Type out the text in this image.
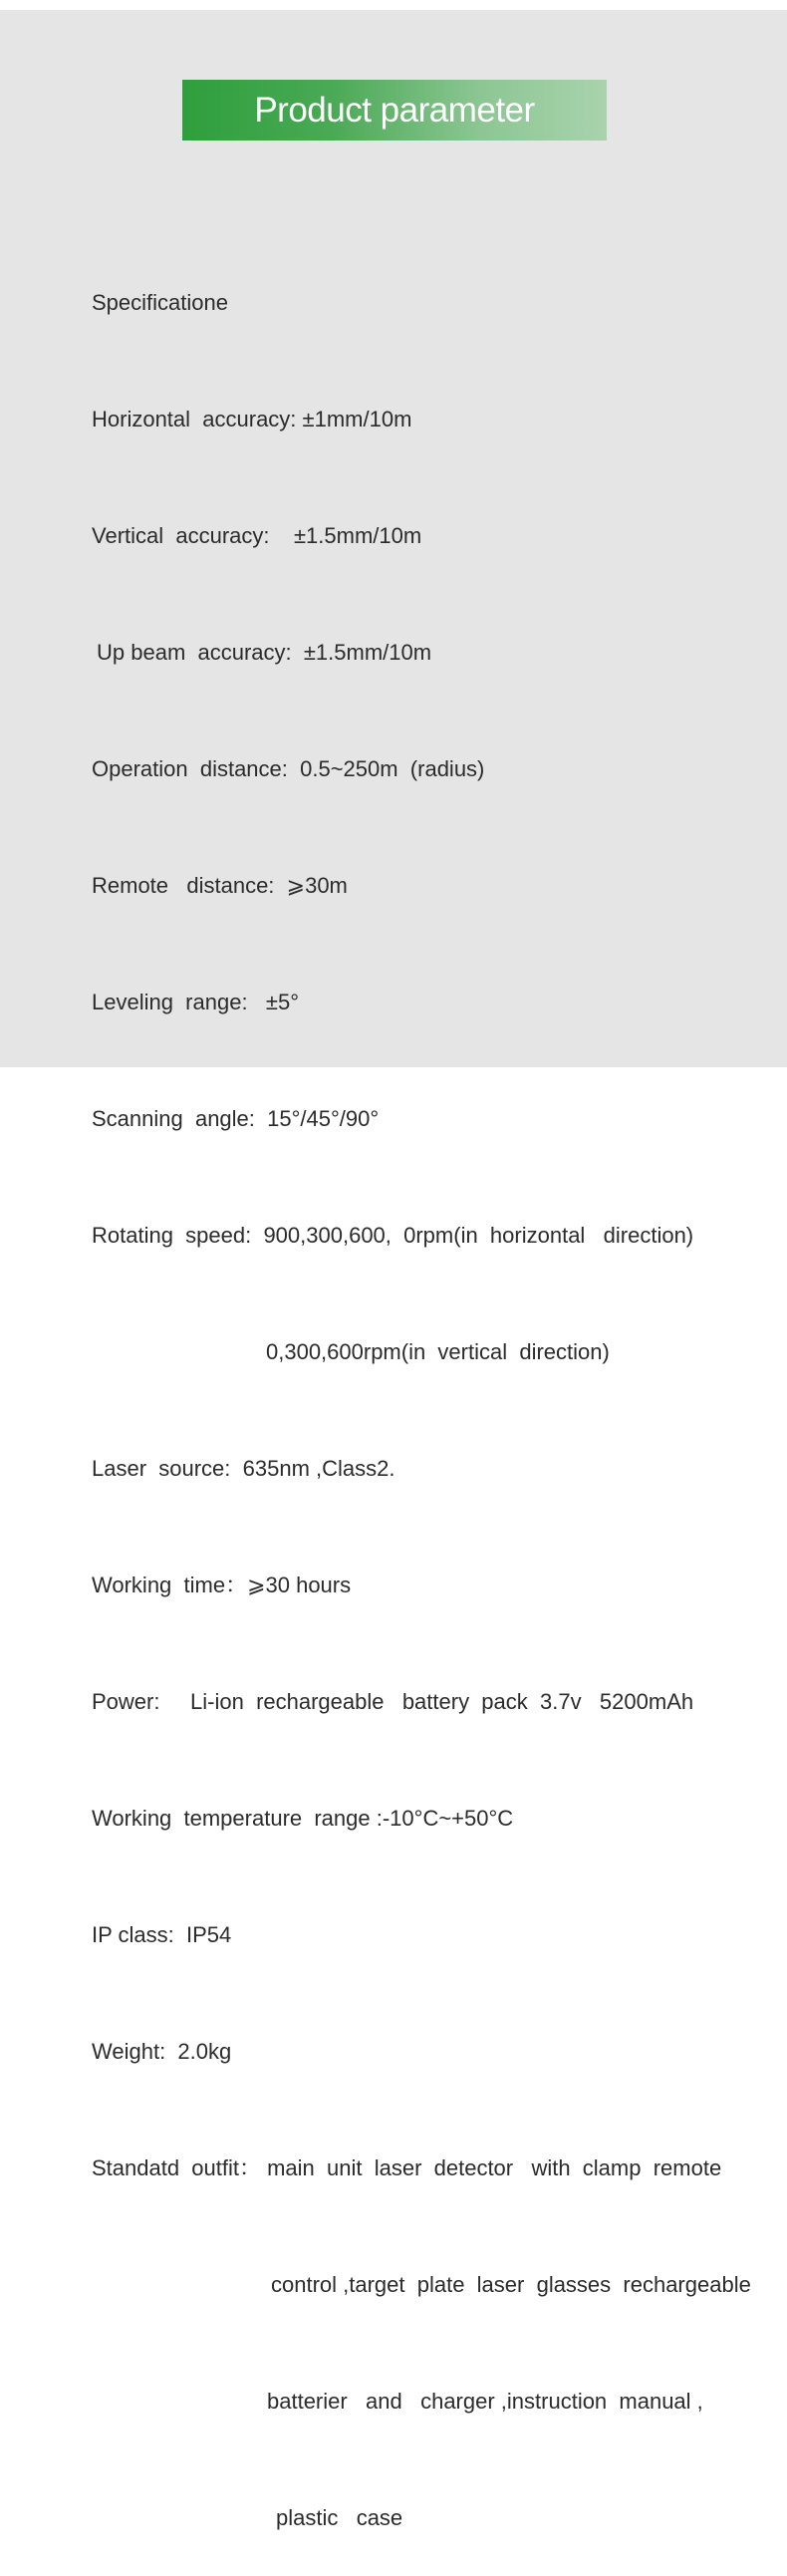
Product parameter

Specificatione

Horizontal  accuracy: ±1mm/10m

Vertical  accuracy:    ±1.5mm/10m

Up beam  accuracy:  ±1.5mm/10m

Operation  distance:  0.5~250m  (radius)

Remote   distance:  ⩾30m

Leveling  range:   ±5°

Scanning  angle:  15°/45°/90°

Rotating  speed:  900,300,600,  0rpm(in  horizontal   direction)

0,300,600rpm(in  vertical  direction)

Laser  source:  635nm ,Class2.

Working  time：⩾30 hours

Power:     Li-ion  rechargeable   battery  pack  3.7v   5200mAh

Working  temperature  range :-10°C~+50°C

IP class:  IP54

Weight:  2.0kg

Standatd  outfit： main  unit  laser  detector   with  clamp  remote

control ,target  plate  laser  glasses  rechargeable

batterier   and   charger ,instruction  manual ,

plastic   case
